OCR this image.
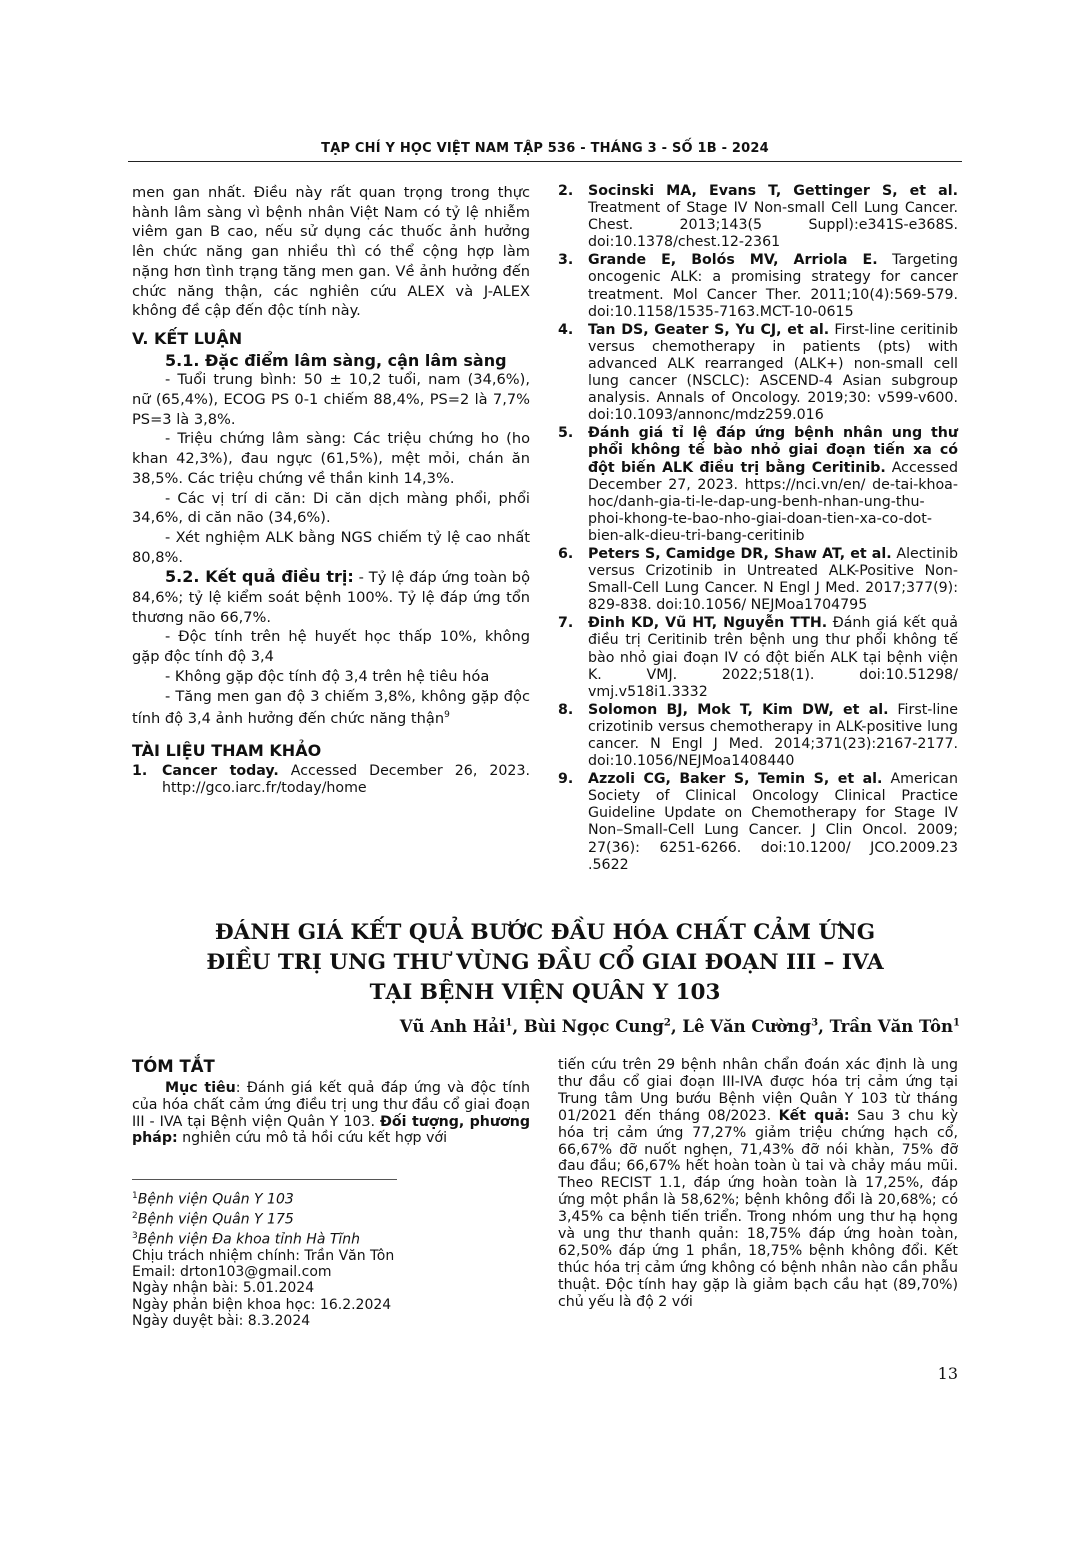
TẠP CHÍ Y HỌC VIỆT NAM TẬP 536 - THÁNG 3 - SỐ 1B - 2024

men gan nhất. Điều này rất quan trọng trong thực hành lâm sàng vì bệnh nhân Việt Nam có tỷ lệ nhiễm viêm gan B cao, nếu sử dụng các thuốc ảnh hưởng lên chức năng gan nhiều thì có thể cộng hợp làm nặng hơn tình trạng tăng men gan. Về ảnh hưởng đến chức năng thận, các nghiên cứu ALEX và J-ALEX không đề cập đến độc tính này.

V. KẾT LUẬN
5.1. Đặc điểm lâm sàng, cận lâm sàng

- Tuổi trung bình: 50 ± 10,2 tuổi, nam (34,6%), nữ (65,4%), ECOG PS 0-1 chiếm 88,4%, PS=2 là 7,7% PS=3 là 3,8%.

- Triệu chứng lâm sàng: Các triệu chứng ho (ho khan 42,3%), đau ngực (61,5%), mệt mỏi, chán ăn 38,5%. Các triệu chứng về thần kinh 14,3%.

- Các vị trí di căn: Di căn dịch màng phổi, phổi 34,6%, di căn não (34,6%).

- Xét nghiệm ALK bằng NGS chiếm tỷ lệ cao nhất 80,8%.

5.2. Kết quả điều trị: - Tỷ lệ đáp ứng toàn bộ 84,6%; tỷ lệ kiểm soát bệnh 100%. Tỷ lệ đáp ứng tổn thương não 66,7%.

- Độc tính trên hệ huyết học thấp 10%, không gặp độc tính độ 3,4

- Không gặp độc tính độ 3,4 trên hệ tiêu hóa

- Tăng men gan độ 3 chiếm 3,8%, không gặp độc tính độ 3,4 ảnh hưởng đến chức năng thận$^9$

TÀI LIỆU THAM KHẢO
1.	Cancer today. Accessed December 26, 2023. http://gco.iarc.fr/today/home
2.	Socinski MA, Evans T, Gettinger S, et al. Treatment of Stage IV Non-small Cell Lung Cancer. Chest. 2013;143(5 Suppl):e341S-e368S. doi:10.1378/chest.12-2361
3.	Grande E, Bolós MV, Arriola E. Targeting oncogenic ALK: a promising strategy for cancer treatment. Mol Cancer Ther. 2011;10(4):569-579. doi:10.1158/1535-7163.MCT-10-0615
4.	Tan DS, Geater S, Yu CJ, et al. First-line ceritinib versus chemotherapy in patients (pts) with advanced ALK rearranged (ALK+) non-small cell lung cancer (NSCLC): ASCEND-4 Asian subgroup analysis. Annals of Oncology. 2019;30: v599-v600. doi:10.1093/annonc/mdz259.016
5.	Đánh giá tỉ lệ đáp ứng bệnh nhân ung thư phổi không tế bào nhỏ giai đoạn tiến xa có đột biến ALK điều trị bằng Ceritinib. Accessed December 27, 2023. https://nci.vn/en/ de-tai-khoa-hoc/danh-gia-ti-le-dap-ung-benh-nhan-ung-thu-phoi-khong-te-bao-nho-giai-doan-tien-xa-co-dot-bien-alk-dieu-tri-bang-ceritinib
6.	Peters S, Camidge DR, Shaw AT, et al. Alectinib versus Crizotinib in Untreated ALK-Positive Non-Small-Cell Lung Cancer. N Engl J Med. 2017;377(9): 829-838. doi:10.1056/ NEJMoa1704795
7.	Đinh KD, Vũ HT, Nguyễn TTH. Đánh giá kết quả điều trị Ceritinib trên bệnh ung thư phổi không tế bào nhỏ giai đoạn IV có đột biến ALK tại bệnh viện K. VMJ. 2022;518(1). doi:10.51298/ vmj.v518i1.3332
8.	Solomon BJ, Mok T, Kim DW, et al. First-line crizotinib versus chemotherapy in ALK-positive lung cancer. N Engl J Med. 2014;371(23):2167-2177. doi:10.1056/NEJMoa1408440
9.	Azzoli CG, Baker S, Temin S, et al. American Society of Clinical Oncology Clinical Practice Guideline Update on Chemotherapy for Stage IV Non–Small-Cell Lung Cancer. J Clin Oncol. 2009; 27(36): 6251-6266. doi:10.1200/ JCO.2009.23 .5622
ĐÁNH GIÁ KẾT QUẢ BƯỚC ĐẦU HÓA CHẤT CẢM ỨNG
ĐIỀU TRỊ UNG THƯ VÙNG ĐẦU CỔ GIAI ĐOẠN III – IVA
TẠI BỆNH VIỆN QUÂN Y 103
Vũ Anh Hải$^1$, Bùi Ngọc Cung$^2$, Lê Văn Cường$^3$, Trần Văn Tôn$^1$
TÓM TẮT

Mục tiêu: Đánh giá kết quả đáp ứng và độc tính của hóa chất cảm ứng điều trị ung thư đầu cổ giai đoạn III - IVA tại Bệnh viện Quân Y 103. Đối tượng, phương pháp: nghiên cứu mô tả hồi cứu kết hợp với

$^1$Bệnh viện Quân Y 103
$^2$Bệnh viện Quân Y 175
$^3$Bệnh viện Đa khoa tỉnh Hà Tĩnh
Chịu trách nhiệm chính: Trần Văn Tôn
Email: drton103@gmail.com
Ngày nhận bài: 5.01.2024
Ngày phản biện khoa học: 16.2.2024
Ngày duyệt bài: 8.3.2024

tiến cứu trên 29 bệnh nhân chẩn đoán xác định là ung thư đầu cổ giai đoạn III-IVA được hóa trị cảm ứng tại Trung tâm Ung bướu Bệnh viện Quân Y 103 từ tháng 01/2021 đến tháng 08/2023. Kết quả: Sau 3 chu kỳ hóa trị cảm ứng 77,27% giảm triệu chứng hạch cổ, 66,67% đỡ nuốt nghẹn, 71,43% đỡ nói khàn, 75% đỡ đau đầu; 66,67% hết hoàn toàn ù tai và chảy máu mũi. Theo RECIST 1.1, đáp ứng hoàn toàn là 17,25%, đáp ứng một phần là 58,62%; bệnh không đổi là 20,68%; có 3,45% ca bệnh tiến triển. Trong nhóm ung thư hạ họng và ung thư thanh quản: 18,75% đáp ứng hoàn toàn, 62,50% đáp ứng 1 phần, 18,75% bệnh không đổi. Kết thúc hóa trị cảm ứng không có bệnh nhân nào cần phẫu thuật. Độc tính hay gặp là giảm bạch cầu hạt (89,70%) chủ yếu là độ 2 với

13
